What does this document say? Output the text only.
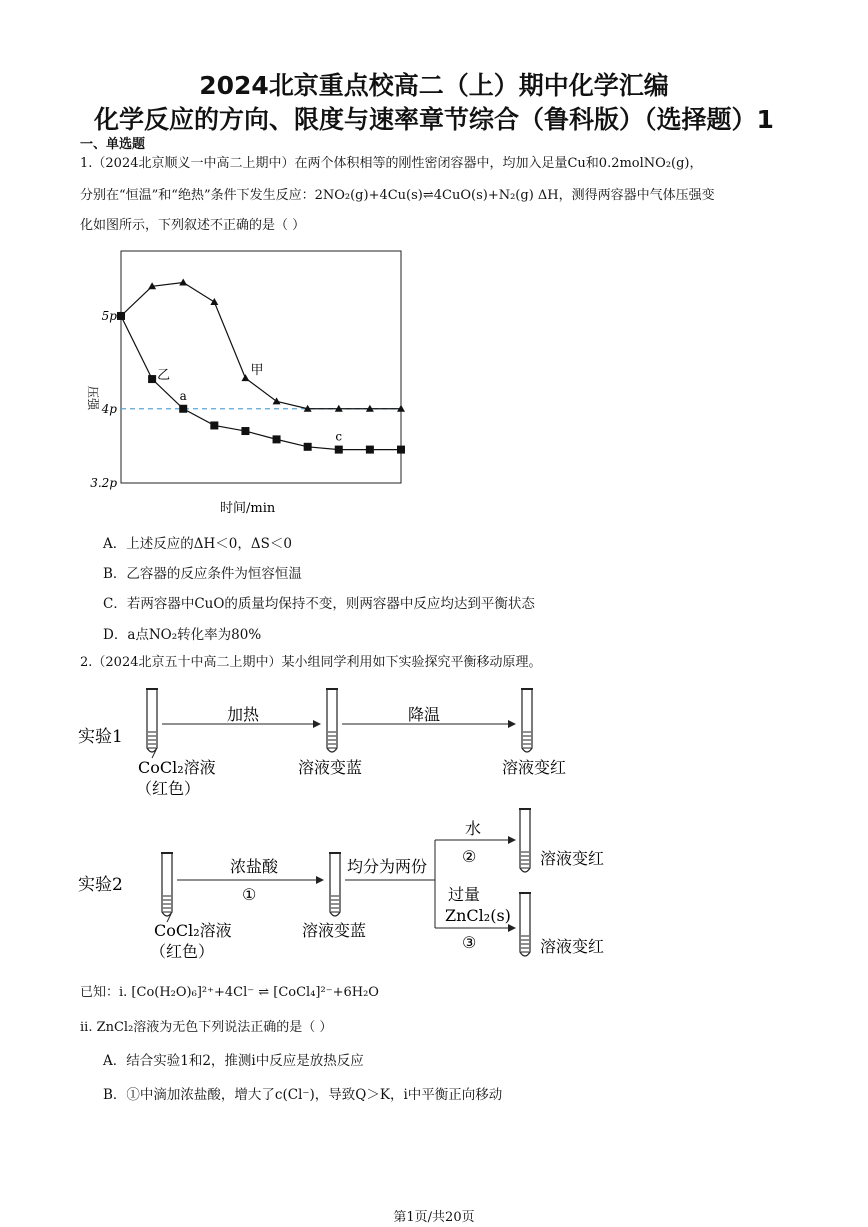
2024北京重点校高二（上）期中化学汇编
化学反应的方向、限度与速率章节综合（鲁科版）（选择题）1
一、单选题
1.（2024北京顺义一中高二上期中）在两个体积相等的刚性密闭容器中，均加入足量Cu和0.2molNO₂(g)，
分别在“恒温”和“绝热”条件下发生反应：2NO₂(g)+4Cu(s)⇌4CuO(s)+N₂(g) ΔH，测得两容器中气体压强变
化如图所示，下列叙述不正确的是（ ）
5p
4p
3.2p
甲
乙
a
c
压强
时间/min
A．上述反应的ΔH＜0，ΔS＜0
B．乙容器的反应条件为恒容恒温
C．若两容器中CuO的质量均保持不变，则两容器中反应均达到平衡状态
D．a点NO₂转化率为80%
2.（2024北京五十中高二上期中）某小组同学利用如下实验探究平衡移动原理。
实验1
加热	降温
CoCl₂溶液
（红色）
溶液变蓝	溶液变红
实验2
浓盐酸
①
均分为两份
水
②
过量
ZnCl₂(s)
③
CoCl₂溶液
（红色）
溶液变蓝
溶液变红
溶液变红
已知：i. [Co(H₂O)₆]²⁺+4Cl⁻ ⇌ [CoCl₄]²⁻+6H₂O
ii. ZnCl₂溶液为无色下列说法正确的是（ ）
A．结合实验1和2，推测i中反应是放热反应
B．①中滴加浓盐酸，增大了c(Cl⁻)，导致Q＞K，i中平衡正向移动
第1页/共20页
